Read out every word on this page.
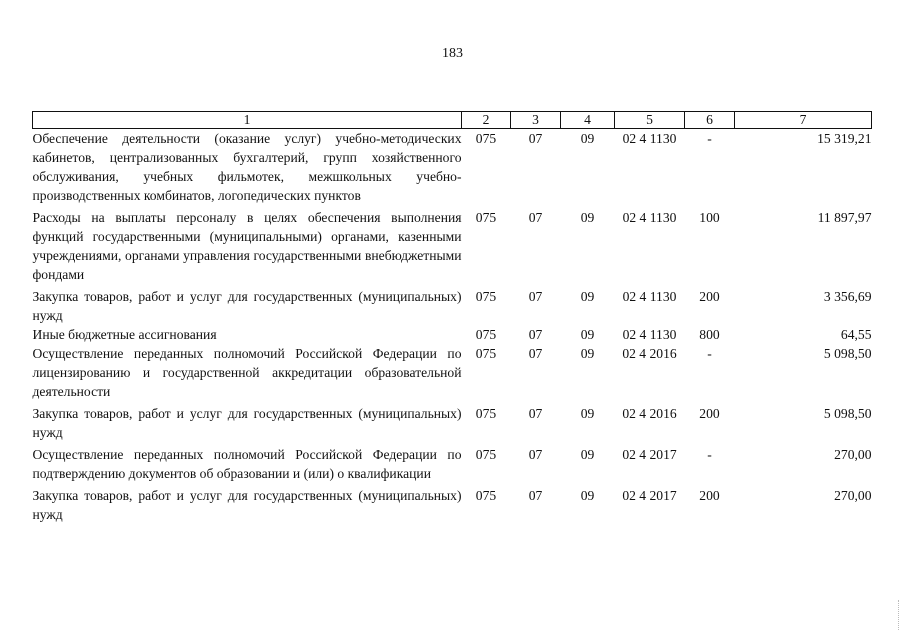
183
1	2	3	4	5	6	7
Обеспечение деятельности (оказание услуг) учебно-методических кабинетов, централизованных бухгалтерий, групп хозяйственного обслуживания, учебных фильмотек, межшкольных учебно-производственных комбинатов, логопедических пунктов	075	07	09	02 4 1130	-	15 319,21
Расходы на выплаты персоналу в целях обеспечения выполнения функций государственными (муниципальными) органами, казенными учреждениями, органами управления государственными внебюджетными фондами	075	07	09	02 4 1130	100	11 897,97
Закупка товаров, работ и услуг для государственных (муниципальных) нужд	075	07	09	02 4 1130	200	3 356,69
Иные бюджетные ассигнования	075	07	09	02 4 1130	800	64,55
Осуществление переданных полномочий Российской Федерации по лицензированию и государственной аккредитации образовательной деятельности	075	07	09	02 4 2016	-	5 098,50
Закупка товаров, работ и услуг для государственных (муниципальных) нужд	075	07	09	02 4 2016	200	5 098,50
Осуществление переданных полномочий Российской Федерации по подтверждению документов об образовании и (или) о квалификации	075	07	09	02 4 2017	-	270,00
Закупка товаров, работ и услуг для государственных (муниципальных) нужд	075	07	09	02 4 2017	200	270,00
